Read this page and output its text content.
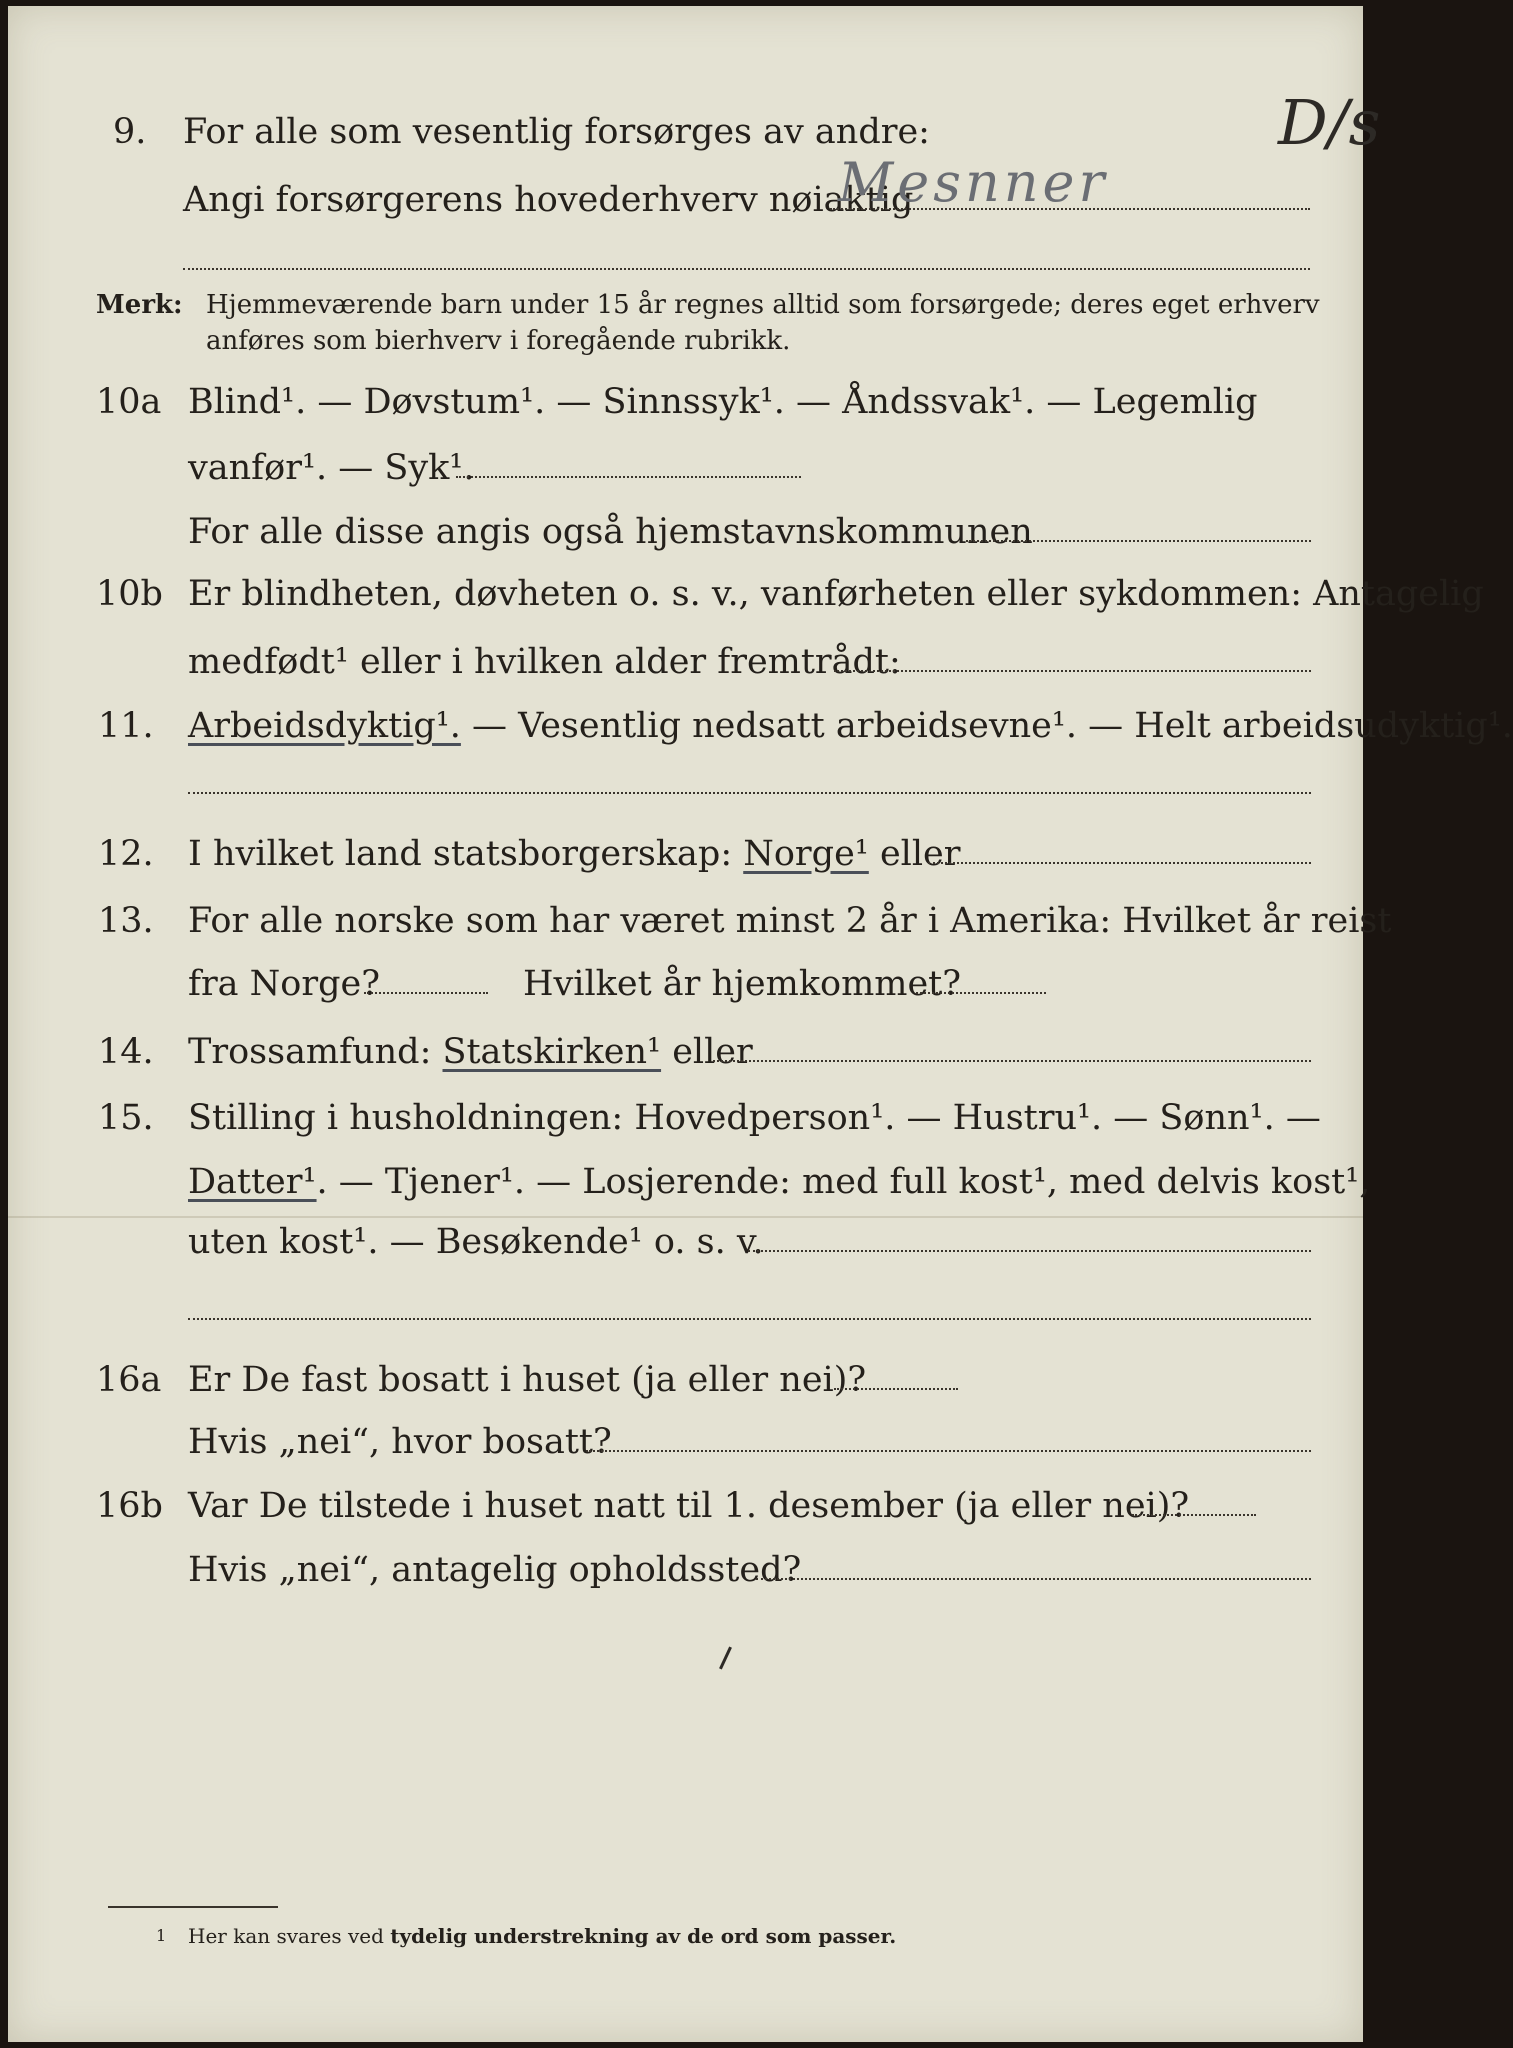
9. For alle som vesentlig forsørges av andre:	D/s
Angi forsørgerens hovederhverv nøiaktig
Mesnner
Merk: Hjemmeværende barn under 15 år regnes alltid som forsørgede; deres eget erhverv
anføres som bierhverv i foregående rubrikk.
10a Blind¹. — Døvstum¹. — Sinnssyk¹. — Åndssvak¹. — Legemlig
vanfør¹. — Syk¹.
For alle disse angis også hjemstavnskommunen
10b Er blindheten, døvheten o. s. v., vanførheten eller sykdommen: Antagelig
medfødt¹ eller i hvilken alder fremtrådt:
11. Arbeidsdyktig¹. — Vesentlig nedsatt arbeidsevne¹. — Helt arbeidsudyktig¹.
12. I hvilket land statsborgerskap: Norge¹ eller
13. For alle norske som har været minst 2 år i Amerika: Hvilket år reist
fra Norge?	Hvilket år hjemkommet?
14. Trossamfund: Statskirken¹ eller
15. Stilling i husholdningen: Hovedperson¹. — Hustru¹. — Sønn¹. —
Datter¹. — Tjener¹. — Losjerende: med full kost¹, med delvis kost¹,
uten kost¹. — Besøkende¹ o. s. v.
16a Er De fast bosatt i huset (ja eller nei)?
Hvis „nei“, hvor bosatt?
16b Var De tilstede i huset natt til 1. desember (ja eller nei)?
Hvis „nei“, antagelig opholdssted?
1 Her kan svares ved tydelig understrekning av de ord som passer.
